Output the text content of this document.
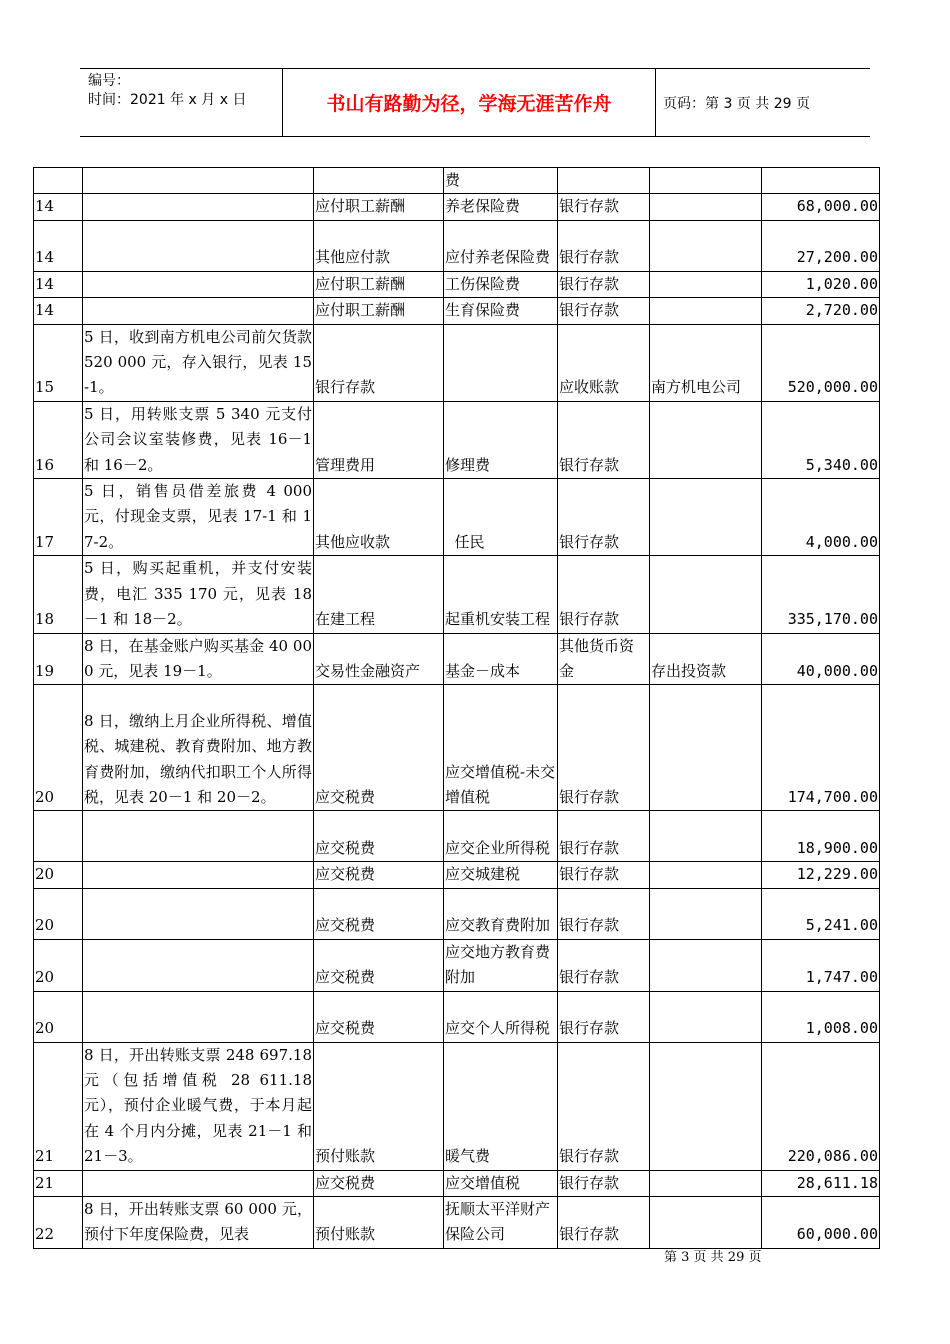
编号：
时间：2021 年 x 月 x 日	书山有路勤为径，学海无涯苦作舟	页码：第 3 页 共 29 页
			费			
14		应付职工薪酬	养老保险费	银行存款		68,000.00
14		其他应付款	应付养老保险费	银行存款		27,200.00
14		应付职工薪酬	工伤保险费	银行存款		1,020.00
14		应付职工薪酬	生育保险费	银行存款		2,720.00
15	5 日，收到南方机电公司前欠货款 520 000 元，存入银行，见表 15-1。	银行存款		应收账款	南方机电公司	520,000.00
16	5 日，用转账支票 5 340 元支付公司会议室装修费，见表 16－1 和 16－2。	管理费用	修理费	银行存款		5,340.00
17	5 日，销售员借差旅费 4 000 元，付现金支票，见表 17-1 和 17-2。	其他应收款	任民	银行存款		4,000.00
18	5 日，购买起重机，并支付安装费，电汇 335 170 元，见表 18－1 和 18－2。	在建工程	起重机安装工程	银行存款		335,170.00
19	8 日，在基金账户购买基金 40 000 元，见表 19－1。	交易性金融资产	基金－成本	其他货币资金	存出投资款	40,000.00
20	8 日，缴纳上月企业所得税、增值税、城建税、教育费附加、地方教育费附加，缴纳代扣职工个人所得税，见表 20－1 和 20－2。	应交税费	应交增值税-未交增值税	银行存款		174,700.00
		应交税费	应交企业所得税	银行存款		18,900.00
20		应交税费	应交城建税	银行存款		12,229.00
20		应交税费	应交教育费附加	银行存款		5,241.00
20		应交税费	应交地方教育费附加	银行存款		1,747.00
20		应交税费	应交个人所得税	银行存款		1,008.00
21	8 日，开出转账支票 248 697.18 元（包括增值税 28 611.18 元），预付企业暖气费，于本月起在 4 个月内分摊，见表 21－1 和 21－3。	预付账款	暖气费	银行存款		220,086.00
21		应交税费	应交增值税	银行存款		28,611.18
22	8 日，开出转账支票 60 000 元，预付下年度保险费，见表	预付账款	抚顺太平洋财产保险公司	银行存款		60,000.00
第 3 页 共 29 页
